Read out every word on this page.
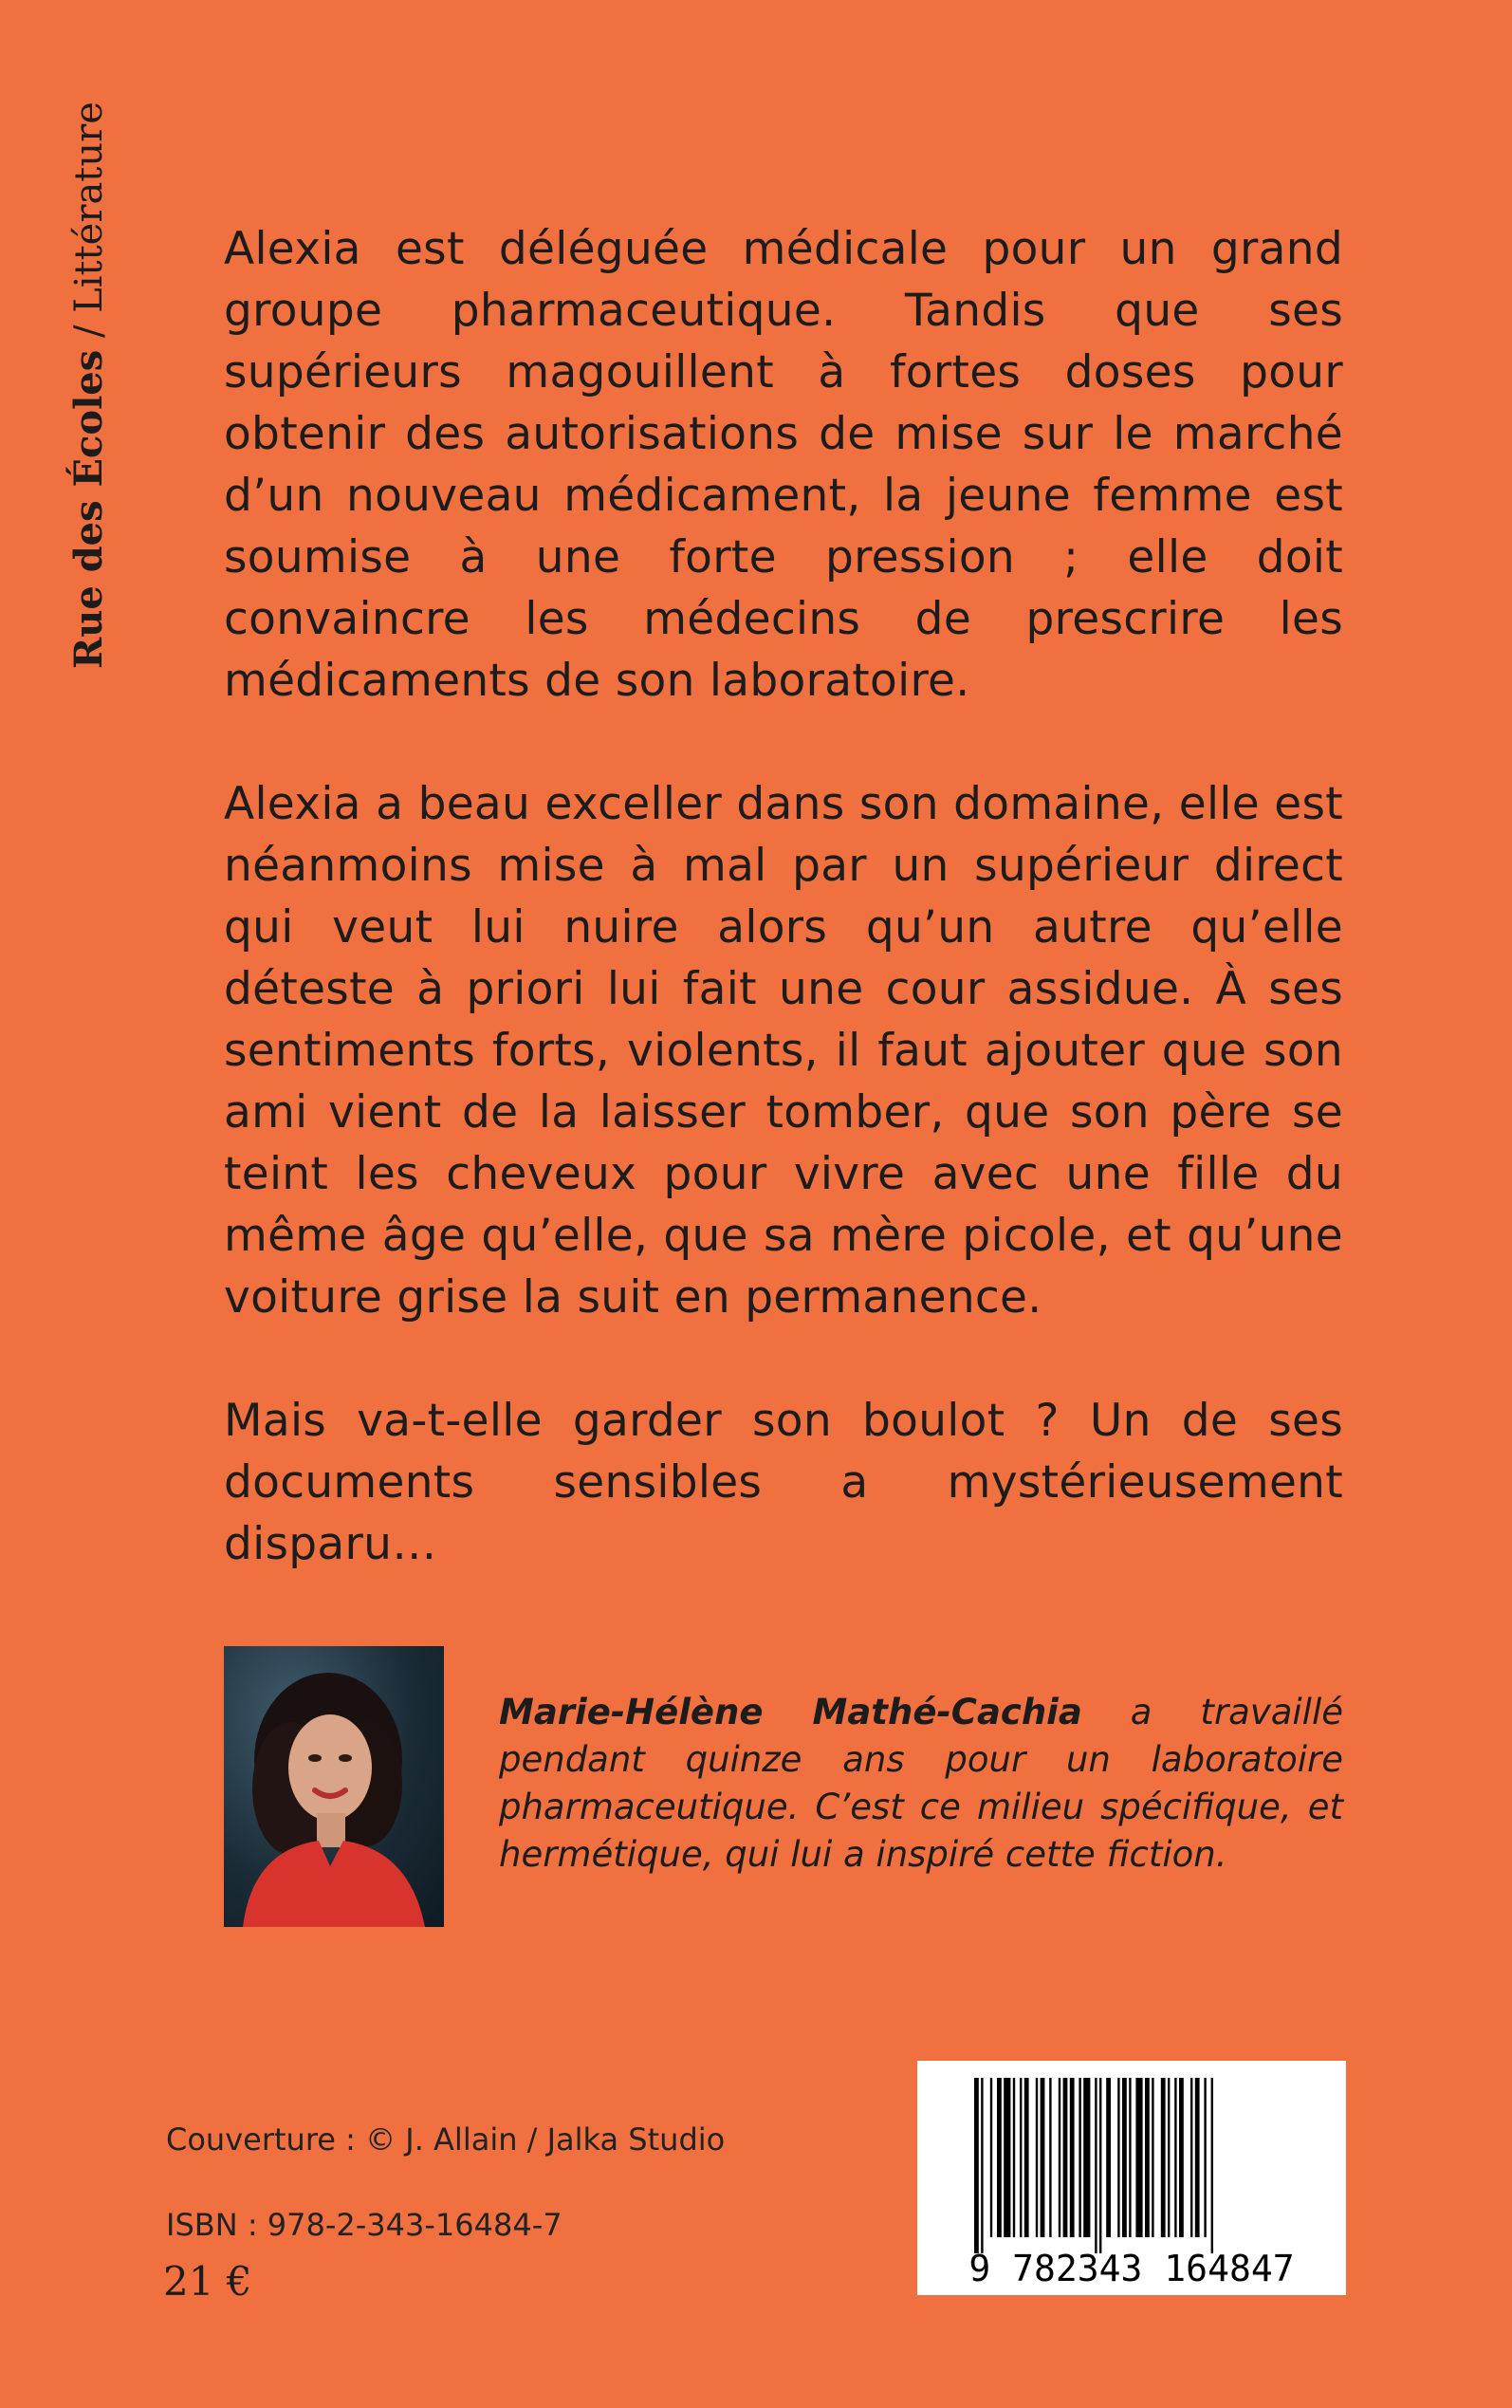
Rue des Écoles / Littérature	Alexia est déléguée médicale pour un grand groupe pharmaceutique. Tandis que ses supérieurs magouillent à fortes doses pour obtenir des autorisations de mise sur le marché d’un nouveau médicament, la jeune femme est soumise à une forte pression ; elle doit convaincre les médecins de prescrire les médicaments de son laboratoire.

Alexia a beau exceller dans son domaine, elle est néanmoins mise à mal par un supérieur direct qui veut lui nuire alors qu’un autre qu’elle déteste à priori lui fait une cour assidue. À ses sentiments forts, violents, il faut ajouter que son ami vient de la laisser tomber, que son père se teint les cheveux pour vivre avec une fille du même âge qu’elle, que sa mère picole, et qu’une voiture grise la suit en permanence.

Mais va-t-elle garder son boulot ? Un de ses documents sensibles a mystérieusement disparu…

Marie-Hélène Mathé-Cachia a travaillé pendant quinze ans pour un laboratoire pharmaceutique. C’est ce milieu spécifique, et hermétique, qui lui a inspiré cette fiction.
Couverture : © J. Allain / Jalka Studio
ISBN : 978-2-343-16484-7
21 €	9 782343 164847
